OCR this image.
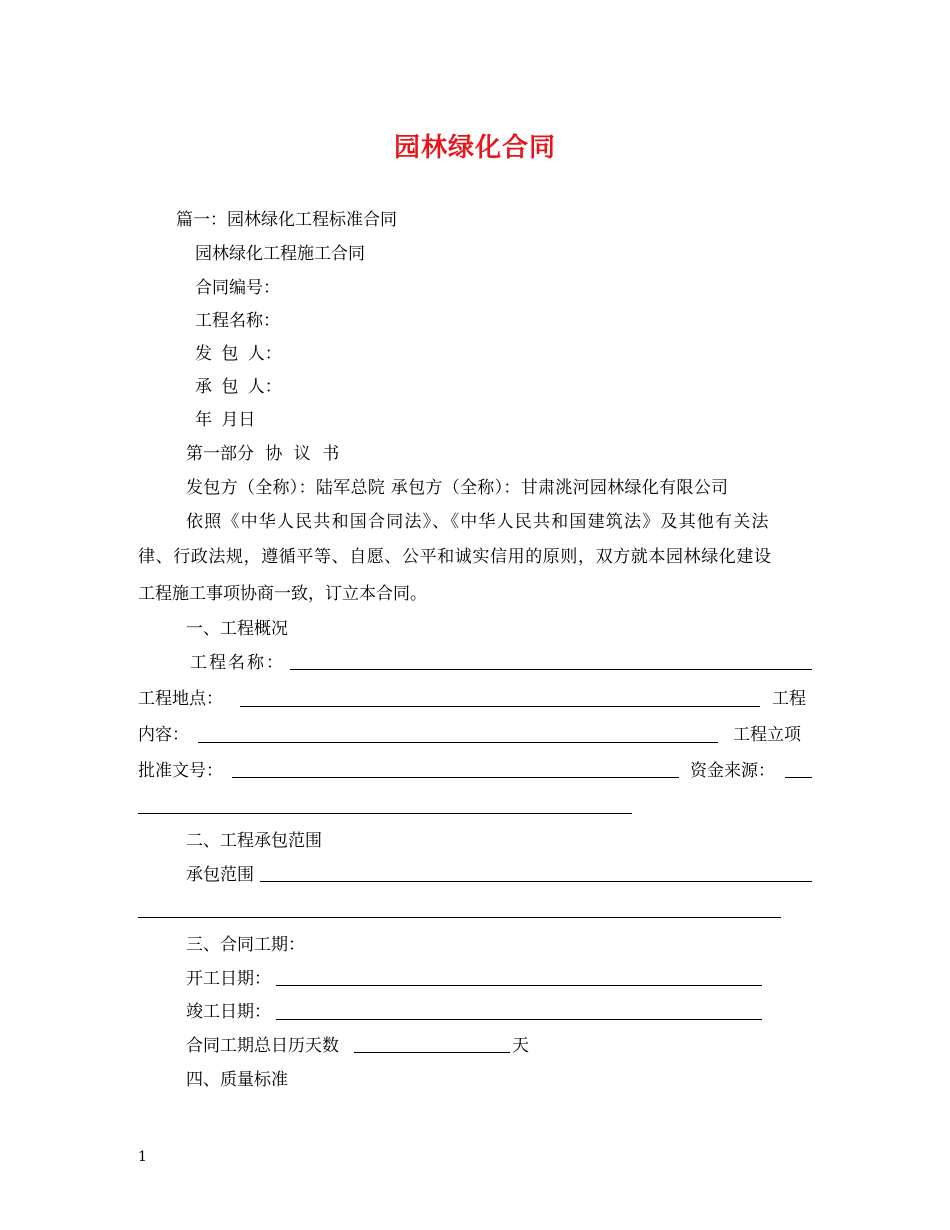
园林绿化合同
篇一：园林绿化工程标准合同
园林绿化工程施工合同
合同编号：
工程名称：
发 包 人：
承 包 人：
年 月日
第一部分 协 议 书
发包方（全称）：陆军总院 承包方（全称）：甘肃洮河园林绿化有限公司
依照《中华人民共和国合同法》、《中华人民共和国建筑法》及其他有关法
律、行政法规，遵循平等、自愿、公平和诚实信用的原则，双方就本园林绿化建设
工程施工事项协商一致，订立本合同。
一、工程概况
工程名称：
工程地点：	工程
内容：	工程立项
批准文号：	资金来源：
二、工程承包范围
承包范围
三、合同工期：
开工日期：
竣工日期：
合同工期总日历天数	天
四、质量标准
1
